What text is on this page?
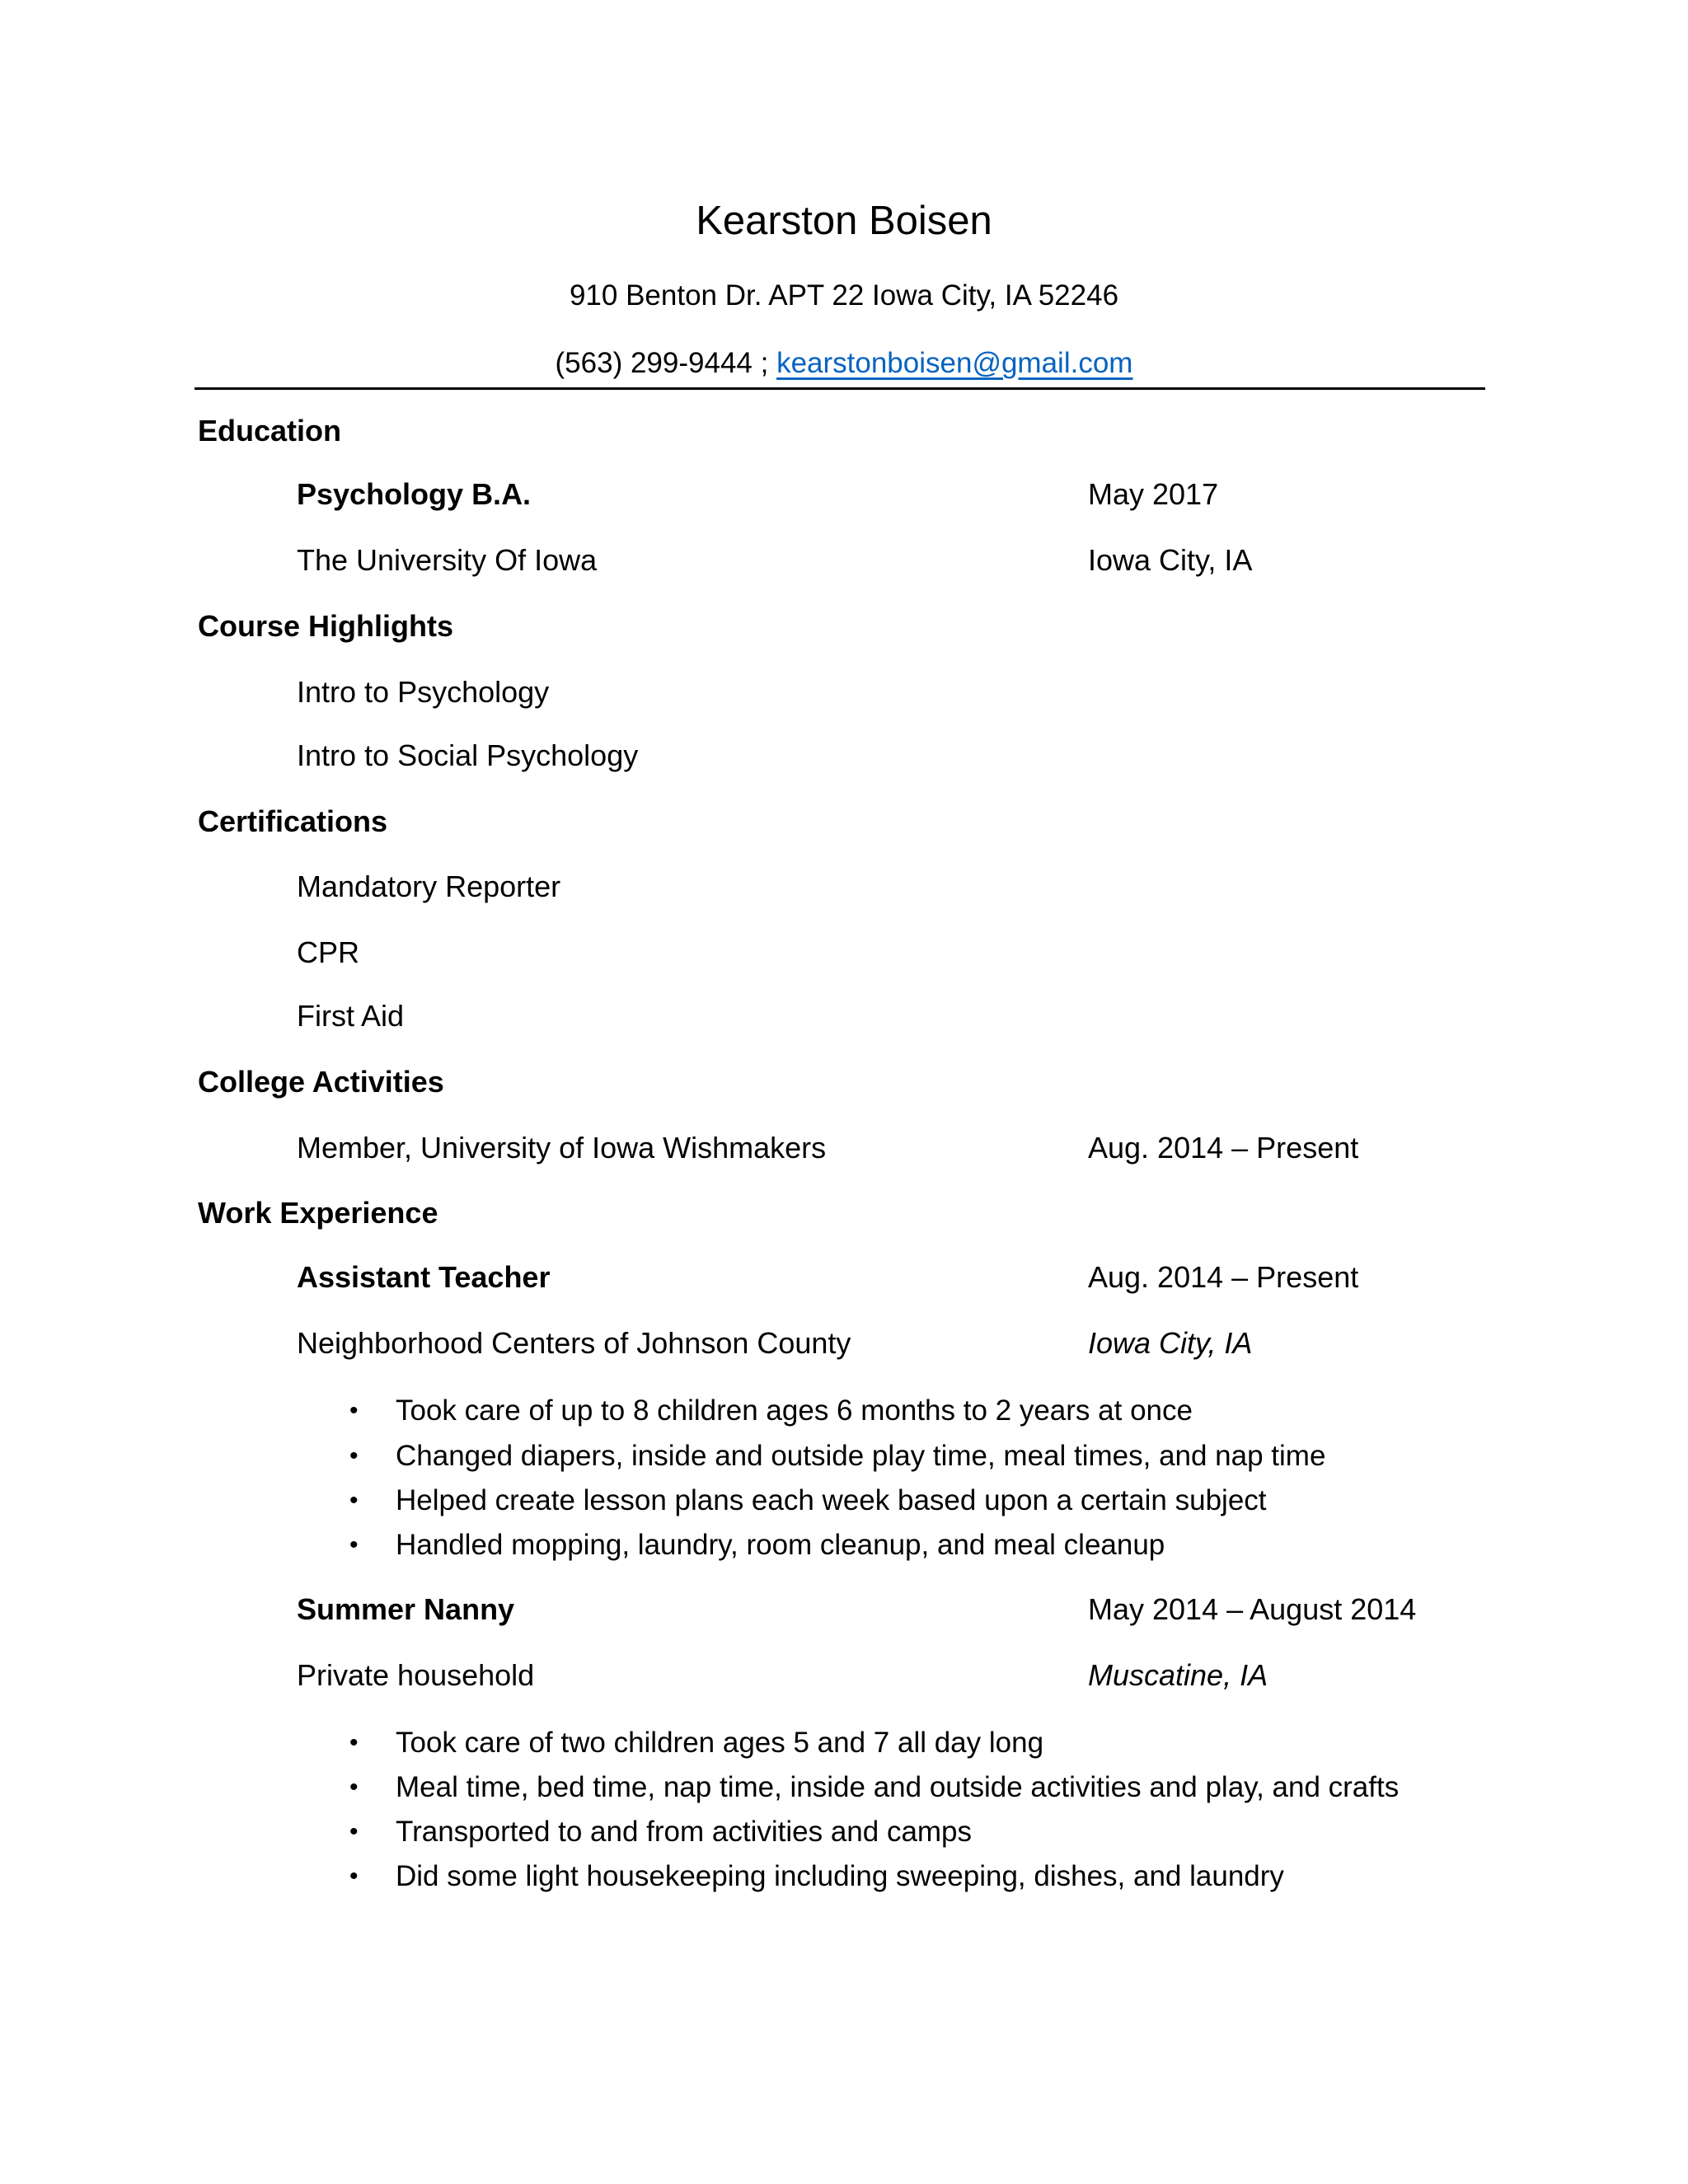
Kearston Boisen
910 Benton Dr. APT 22 Iowa City, IA 52246
(563) 299-9444 ; kearstonboisen@gmail.com
Education
Psychology B.A.	May 2017
The University Of Iowa	Iowa City, IA
Course Highlights
Intro to Psychology
Intro to Social Psychology
Certifications
Mandatory Reporter
CPR
First Aid
College Activities
Member, University of Iowa Wishmakers	Aug. 2014 – Present
Work Experience
Assistant Teacher	Aug. 2014 – Present
Neighborhood Centers of Johnson County	Iowa City, IA
• Took care of up to 8 children ages 6 months to 2 years at once
• Changed diapers, inside and outside play time, meal times, and nap time
• Helped create lesson plans each week based upon a certain subject
• Handled mopping, laundry, room cleanup, and meal cleanup
Summer Nanny	May 2014 – August 2014
Private household	Muscatine, IA
• Took care of two children ages 5 and 7 all day long
• Meal time, bed time, nap time, inside and outside activities and play, and crafts
• Transported to and from activities and camps
• Did some light housekeeping including sweeping, dishes, and laundry
